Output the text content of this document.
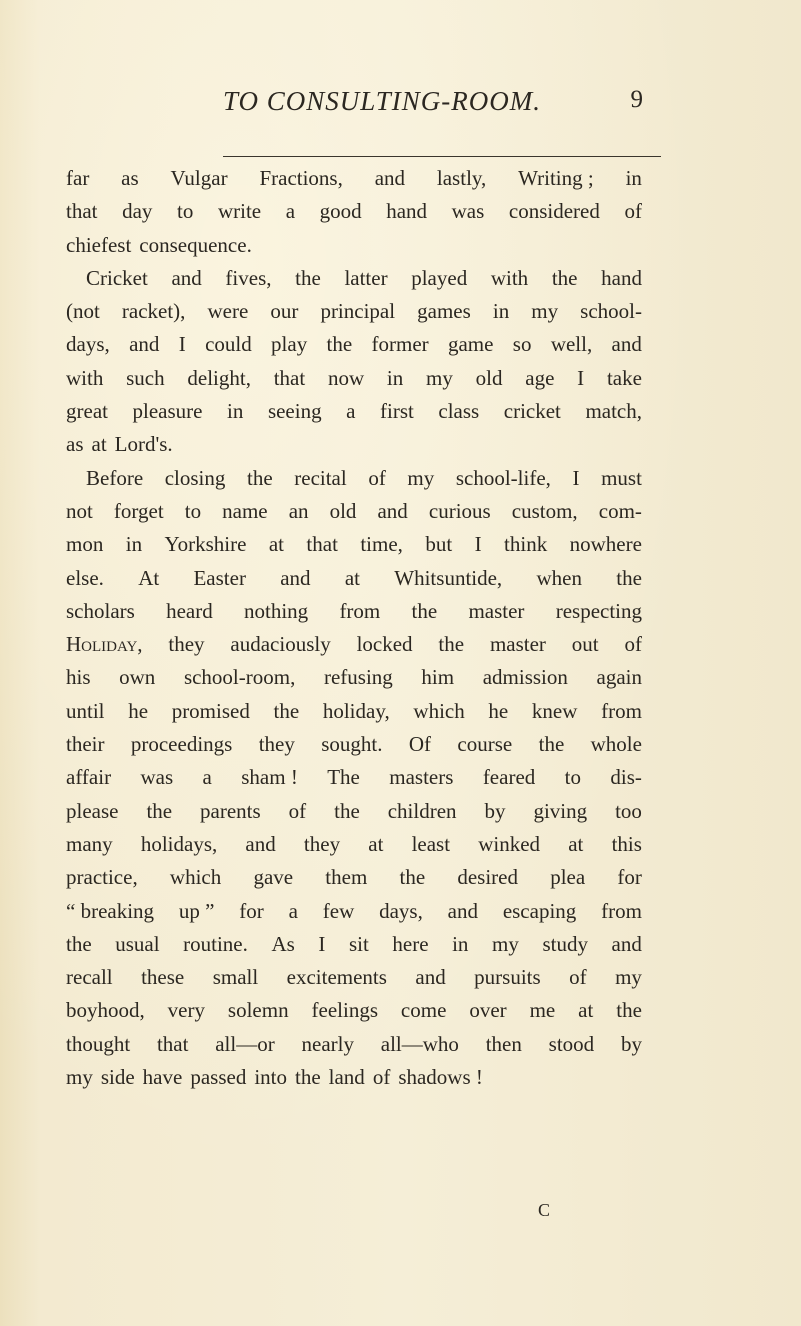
TO CONSULTING-ROOM.	9
far as Vulgar Fractions, and lastly, Writing ; in
that day to write a good hand was considered of
chiefest consequence.
Cricket and fives, the latter played with the hand
(not racket), were our principal games in my school-
days, and I could play the former game so well, and
with such delight, that now in my old age I take
great pleasure in seeing a first class cricket match,
as at Lord's.
Before closing the recital of my school-life, I must
not forget to name an old and curious custom, com-
mon in Yorkshire at that time, but I think nowhere
else. At Easter and at Whitsuntide, when the
scholars heard nothing from the master respecting
Holiday, they audaciously locked the master out of
his own school-room, refusing him admission again
until he promised the holiday, which he knew from
their proceedings they sought. Of course the whole
affair was a sham ! The masters feared to dis-
please the parents of the children by giving too
many holidays, and they at least winked at this
practice, which gave them the desired plea for
“ breaking up ” for a few days, and escaping from
the usual routine. As I sit here in my study and
recall these small excitements and pursuits of my
boyhood, very solemn feelings come over me at the
thought that all—or nearly all—who then stood by
my side have passed into the land of shadows !
C
